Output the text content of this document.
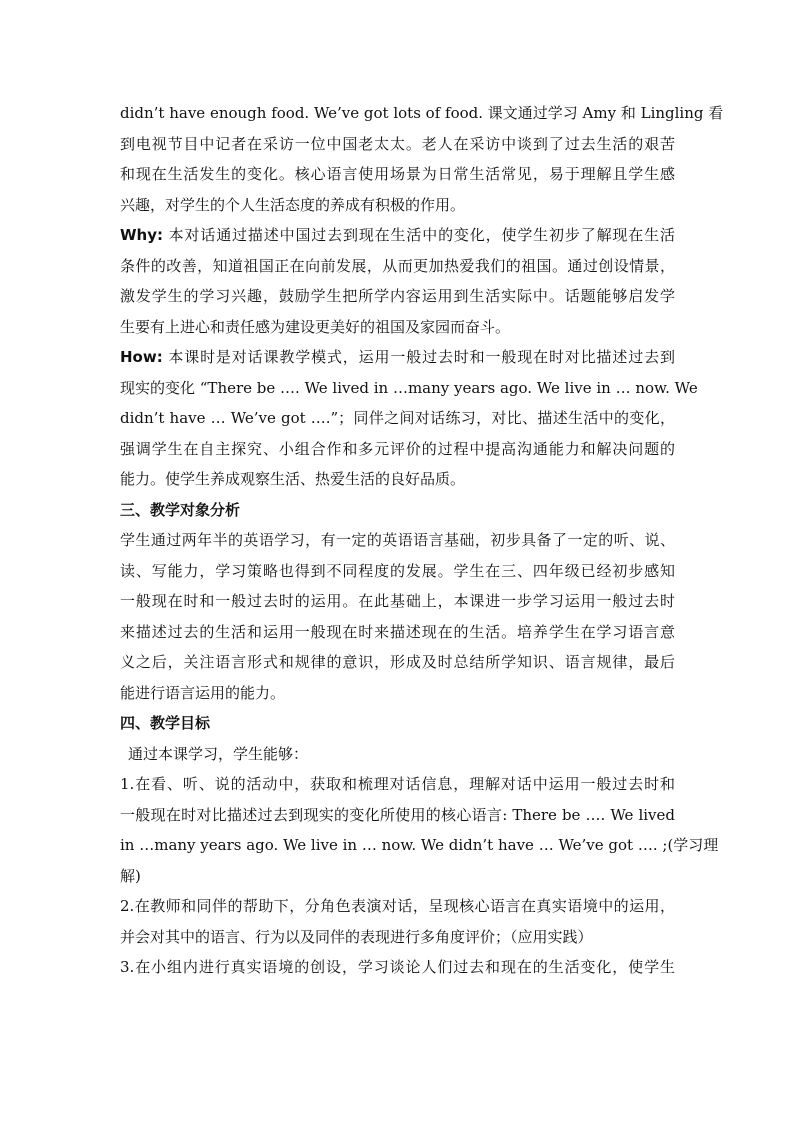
didn’t have enough food. We’ve got lots of food. 课文通过学习 Amy 和 Lingling 看
到电视节目中记者在采访一位中国老太太。老人在采访中谈到了过去生活的艰苦
和现在生活发生的变化。核心语言使用场景为日常生活常见，易于理解且学生感
兴趣，对学生的个人生活态度的养成有积极的作用。
Why: 本对话通过描述中国过去到现在生活中的变化，使学生初步了解现在生活
条件的改善，知道祖国正在向前发展，从而更加热爱我们的祖国。通过创设情景，
激发学生的学习兴趣，鼓励学生把所学内容运用到生活实际中。话题能够启发学
生要有上进心和责任感为建设更美好的祖国及家园而奋斗。
How: 本课时是对话课教学模式，运用一般过去时和一般现在时对比描述过去到
现实的变化 “There be …. We lived in …many years ago. We live in … now. We
didn’t have … We’ve got ….”；同伴之间对话练习，对比、描述生活中的变化，
强调学生在自主探究、小组合作和多元评价的过程中提高沟通能力和解决问题的
能力。使学生养成观察生活、热爱生活的良好品质。
三、教学对象分析
学生通过两年半的英语学习，有一定的英语语言基础，初步具备了一定的听、说、
读、写能力，学习策略也得到不同程度的发展。学生在三、四年级已经初步感知
一般现在时和一般过去时的运用。在此基础上，本课进一步学习运用一般过去时
来描述过去的生活和运用一般现在时来描述现在的生活。培养学生在学习语言意
义之后，关注语言形式和规律的意识，形成及时总结所学知识、语言规律，最后
能进行语言运用的能力。
四、教学目标
通过本课学习，学生能够：
1.在看、听、说的活动中，获取和梳理对话信息，理解对话中运用一般过去时和
一般现在时对比描述过去到现实的变化所使用的核心语言: There be …. We lived
in …many years ago. We live in … now. We didn’t have … We’ve got …. ;(学习理
解)
2.在教师和同伴的帮助下，分角色表演对话，呈现核心语言在真实语境中的运用，
并会对其中的语言、行为以及同伴的表现进行多角度评价；（应用实践）
3.在小组内进行真实语境的创设，学习谈论人们过去和现在的生活变化，使学生
